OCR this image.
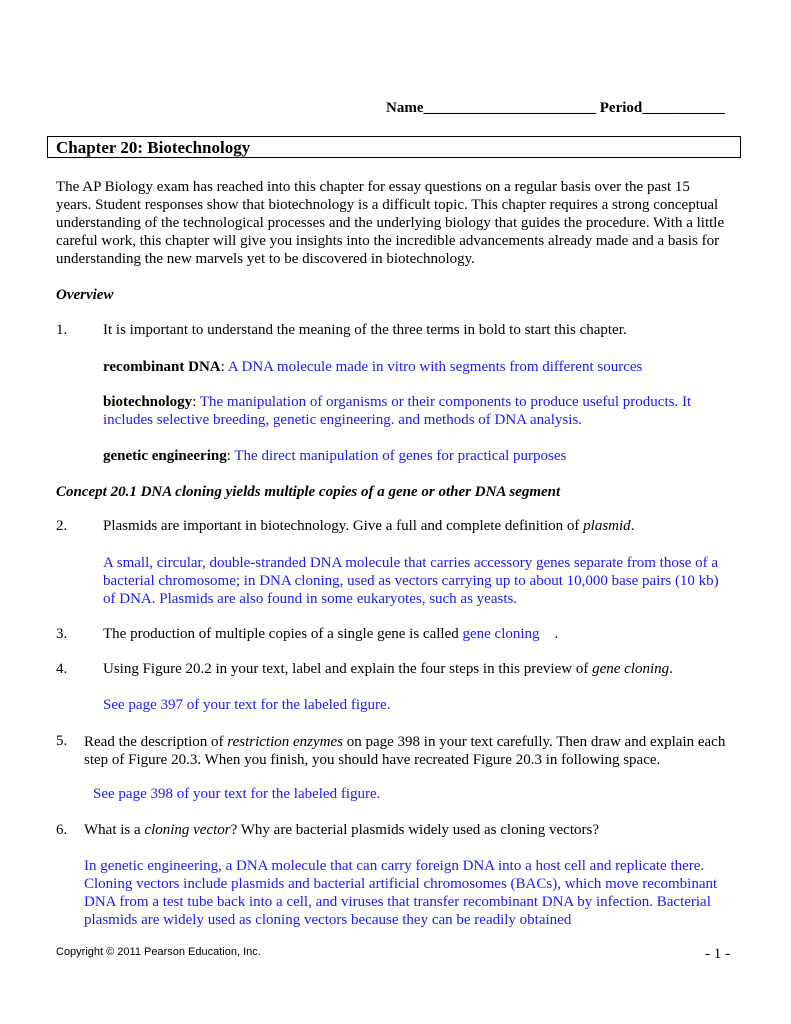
Name_______________________ Period___________
Chapter 20: Biotechnology
The AP Biology exam has reached into this chapter for essay questions on a regular basis over the past 15 years. Student responses show that biotechnology is a difficult topic. This chapter requires a strong conceptual understanding of the technological processes and the underlying biology that guides the procedure. With a little careful work, this chapter will give you insights into the incredible advancements already made and a basis for understanding the new marvels yet to be discovered in biotechnology.
Overview
1. It is important to understand the meaning of the three terms in bold to start this chapter.
recombinant DNA: A DNA molecule made in vitro with segments from different sources
biotechnology: The manipulation of organisms or their components to produce useful products. It includes selective breeding, genetic engineering. and methods of DNA analysis.
genetic engineering: The direct manipulation of genes for practical purposes
Concept 20.1 DNA cloning yields multiple copies of a gene or other DNA segment
2. Plasmids are important in biotechnology. Give a full and complete definition of plasmid.
A small, circular, double-stranded DNA molecule that carries accessory genes separate from those of a bacterial chromosome; in DNA cloning, used as vectors carrying up to about 10,000 base pairs (10 kb) of DNA. Plasmids are also found in some eukaryotes, such as yeasts.
3. The production of multiple copies of a single gene is called gene cloning    .
4. Using Figure 20.2 in your text, label and explain the four steps in this preview of gene cloning.
See page 397 of your text for the labeled figure.
5. Read the description of restriction enzymes on page 398 in your text carefully. Then draw and explain each step of Figure 20.3. When you finish, you should have recreated Figure 20.3 in following space.
See page 398 of your text for the labeled figure.
6. What is a cloning vector? Why are bacterial plasmids widely used as cloning vectors?
In genetic engineering, a DNA molecule that can carry foreign DNA into a host cell and replicate there. Cloning vectors include plasmids and bacterial artificial chromosomes (BACs), which move recombinant DNA from a test tube back into a cell, and viruses that transfer recombinant DNA by infection. Bacterial plasmids are widely used as cloning vectors because they can be readily obtained
Copyright © 2011 Pearson Education, Inc.	- 1 -
